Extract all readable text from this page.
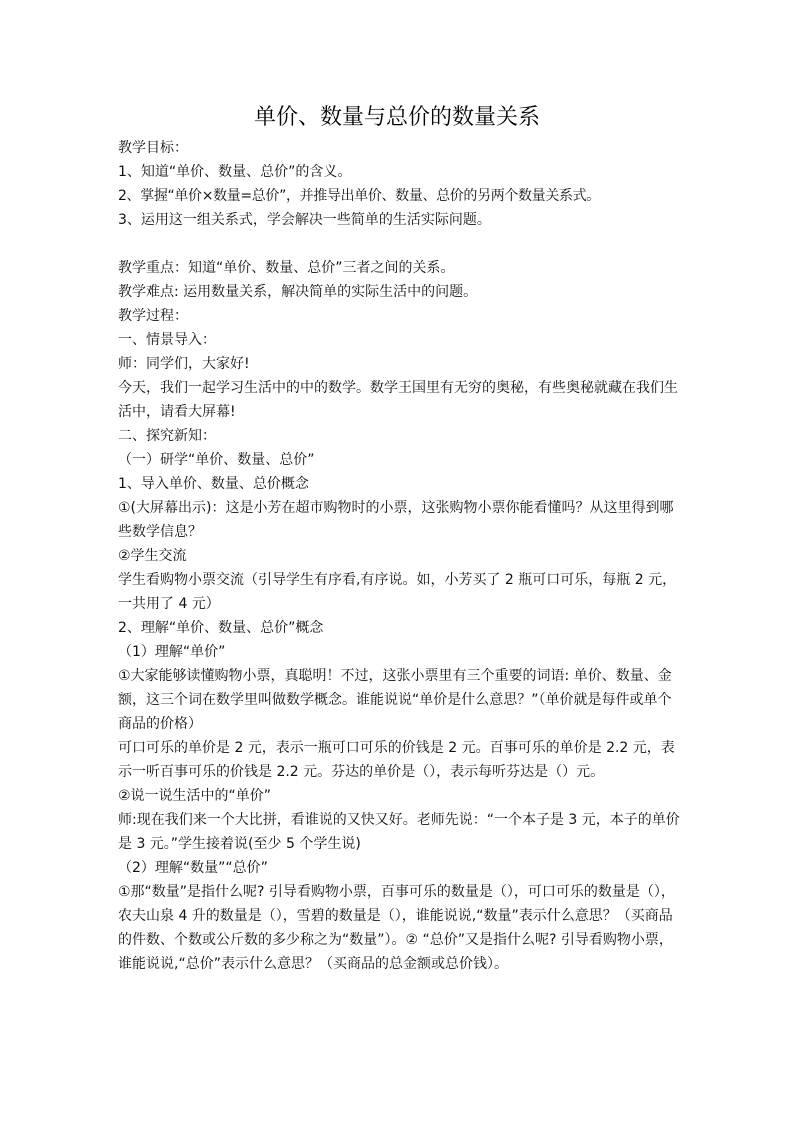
单价、数量与总价的数量关系

教学目标：

1、知道“单价、数量、总价”的含义。

2、掌握“单价×数量=总价”，并推导出单价、数量、总价的另两个数量关系式。

3、运用这一组关系式，学会解决一些简单的生活实际问题。

教学重点：知道“单价、数量、总价”三者之间的关系。

教学难点: 运用数量关系，解决简单的实际生活中的问题。

教学过程：

一、情景导入：

师：同学们，大家好!

今天，我们一起学习生活中的中的数学。数学王国里有无穷的奥秘，有些奥秘就藏在我们生活中，请看大屏幕!

二、探究新知：

（一）研学“单价、数量、总价”

1、导入单价、数量、总价概念

①(大屏幕出示)：这是小芳在超市购物时的小票，这张购物小票你能看懂吗？从这里得到哪些数学信息？

②学生交流

学生看购物小票交流（引导学生有序看,有序说。如，小芳买了 2 瓶可口可乐，每瓶 2 元，一共用了 4 元）

2、理解“单价、数量、总价”概念

（1）理解“单价”

①大家能够读懂购物小票，真聪明！不过，这张小票里有三个重要的词语: 单价、数量、金额，这三个词在数学里叫做数学概念。谁能说说“单价是什么意思？”（单价就是每件或单个商品的价格）

可口可乐的单价是 2 元，表示一瓶可口可乐的价钱是 2 元。百事可乐的单价是 2.2 元，表示一听百事可乐的价钱是 2.2 元。芬达的单价是（），表示每听芬达是（）元。

②说一说生活中的“单价”

师:现在我们来一个大比拼，看谁说的又快又好。老师先说：“一个本子是 3 元，本子的单价是 3 元。”学生接着说(至少 5 个学生说)

（2）理解“数量”“总价”

①那“数量”是指什么呢? 引导看购物小票，百事可乐的数量是（），可口可乐的数量是（），农夫山泉 4 升的数量是（），雪碧的数量是（），谁能说说,“数量”表示什么意思？（买商品的件数、个数或公斤数的多少称之为“数量”）。② “总价”又是指什么呢? 引导看购物小票，谁能说说,“总价”表示什么意思？（买商品的总金额或总价钱）。
